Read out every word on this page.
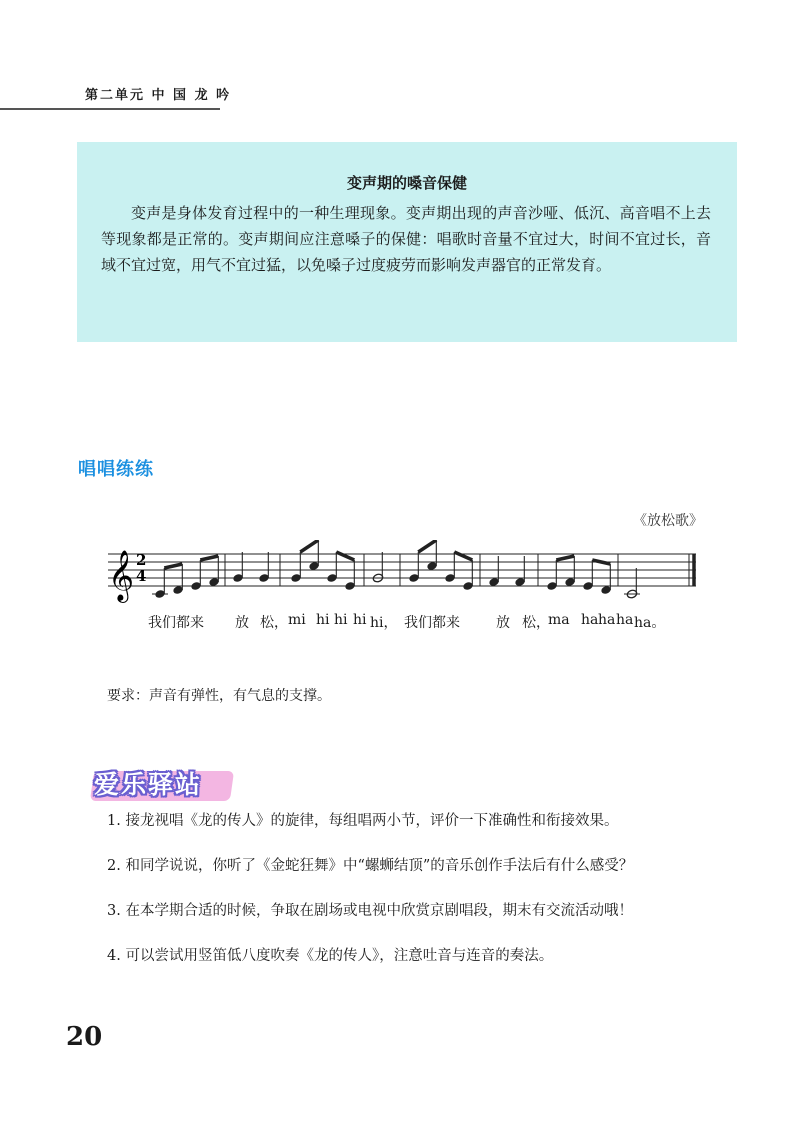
第二单元 中 国 龙 吟
变声期的嗓音保健
变声是身体发育过程中的一种生理现象。变声期出现的声音沙哑、低沉、高音唱不上去等现象都是正常的。变声期间应注意嗓子的保健：唱歌时音量不宜过大，时间不宜过长，音域不宜过宽，用气不宜过猛，以免嗓子过度疲劳而影响发声器官的正常发育。
唱唱练练
《放松歌》
𝄞 2
4
我们都来 放 松， mi hi hi hi hi， 我们都来	放 松，
ma ha ha ha ha。
要求：声音有弹性，有气息的支撑。
爱乐驿站
1. 接龙视唱《龙的传人》的旋律，每组唱两小节，评价一下准确性和衔接效果。
2. 和同学说说，你听了《金蛇狂舞》中“螺蛳结顶”的音乐创作手法后有什么感受？
3. 在本学期合适的时候，争取在剧场或电视中欣赏京剧唱段，期末有交流活动哦！
4. 可以尝试用竖笛低八度吹奏《龙的传人》，注意吐音与连音的奏法。
20
